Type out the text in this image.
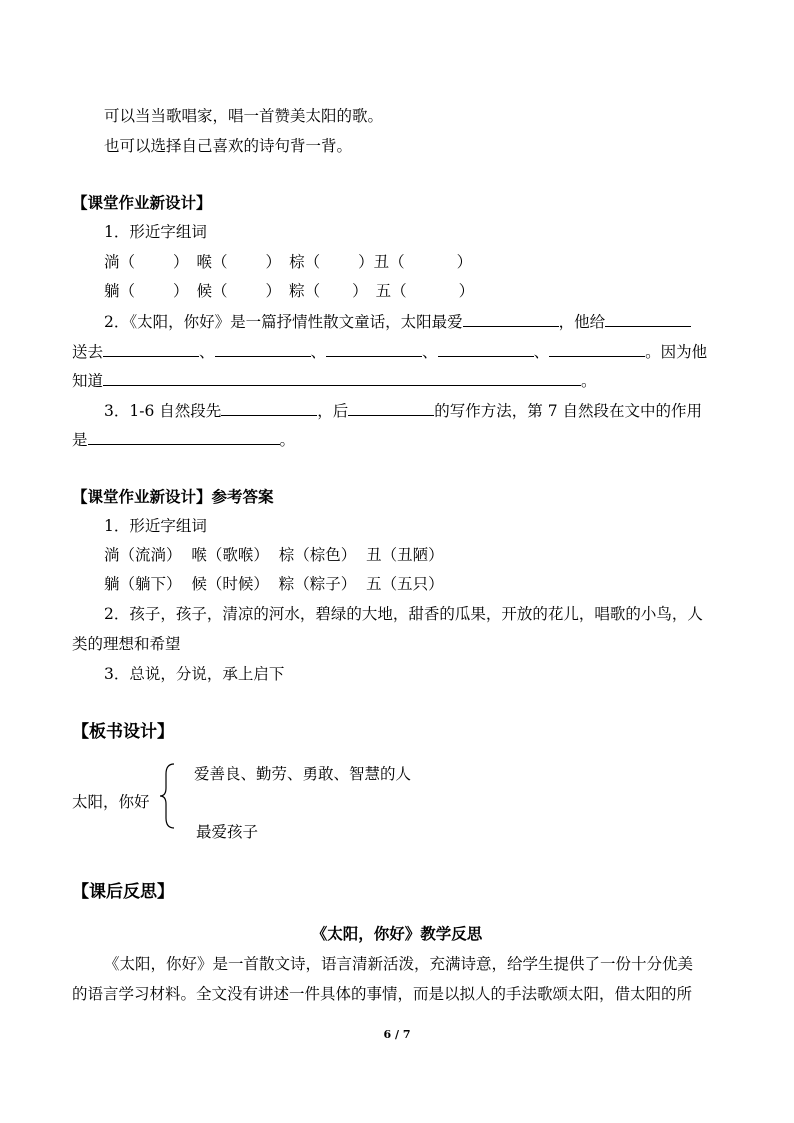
可以当当歌唱家，唱一首赞美太阳的歌。
也可以选择自己喜欢的诗句背一背。
【课堂作业新设计】
1．形近字组词
淌（ ） 喉（ ） 棕（ ）丑（	）
躺（ ） 候（ ） 粽（ ） 五（	）
2．《太阳，你好》是一篇抒情性散文童话，太阳最爱	，他给
送去	、	、	、	、	。因为他
知道	。
3．1-6 自然段先	，后	的写作方法，第 7 自然段在文中的作用
是	。
【课堂作业新设计】参考答案
1．形近字组词
淌（流淌）  喉（歌喉）  棕（棕色）  丑（丑陋）
躺（躺下）  候（时候）  粽（粽子）  五（五只）
2．孩子，孩子，清凉的河水，碧绿的大地，甜香的瓜果，开放的花儿，唱歌的小鸟，人
类的理想和希望
3．总说，分说，承上启下
【板书设计】
爱善良、勤劳、勇敢、智慧的人
太阳，你好
最爱孩子
【课后反思】
《太阳，你好》教学反思
《太阳，你好》是一首散文诗，语言清新活泼，充满诗意，给学生提供了一份十分优美
的语言学习材料。全文没有讲述一件具体的事情，而是以拟人的手法歌颂太阳，借太阳的所
6 / 7
